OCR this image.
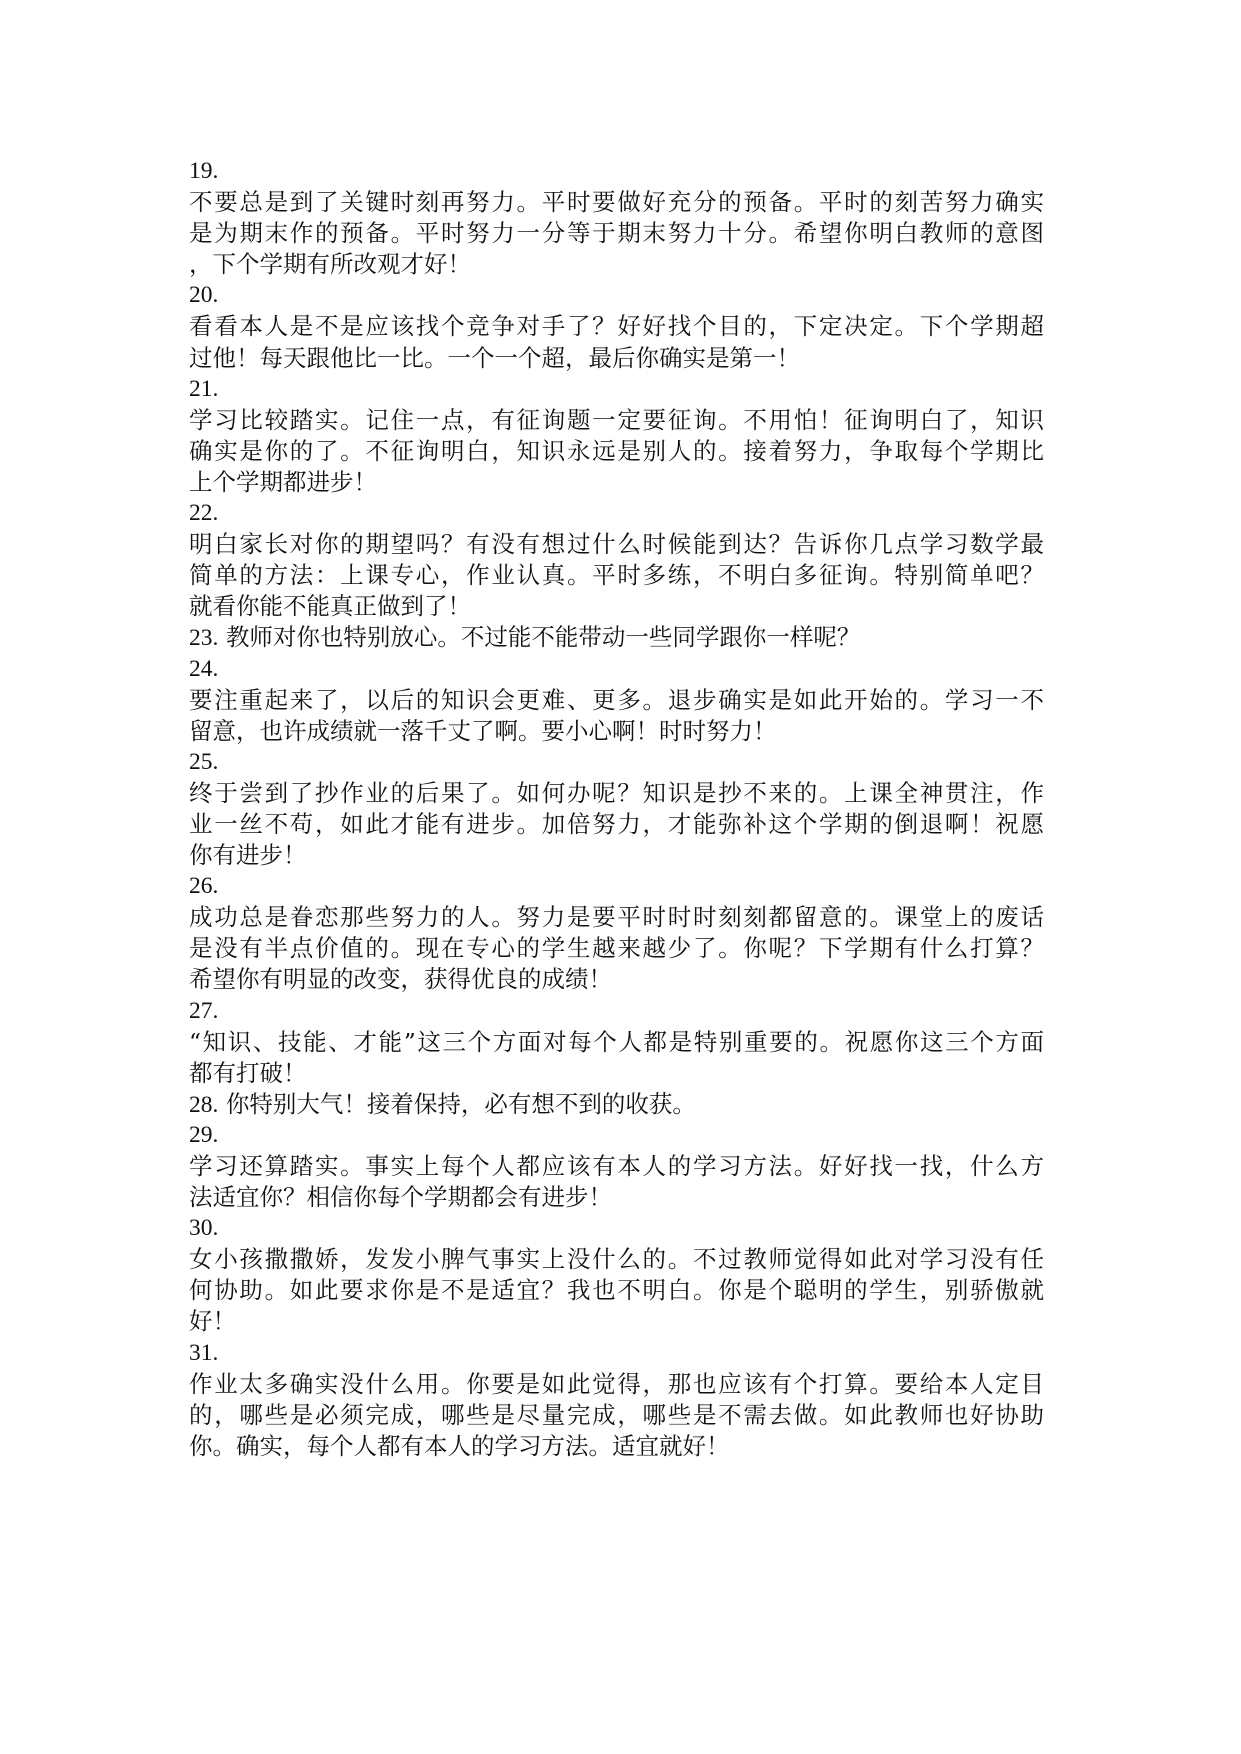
19.
不要总是到了关键时刻再努力。平时要做好充分的预备。平时的刻苦努力确实
是为期末作的预备。平时努力一分等于期末努力十分。希望你明白教师的意图
，下个学期有所改观才好！
20.
看看本人是不是应该找个竞争对手了？好好找个目的，下定决定。下个学期超
过他！每天跟他比一比。一个一个超，最后你确实是第一！
21.
学习比较踏实。记住一点，有征询题一定要征询。不用怕！征询明白了，知识
确实是你的了。不征询明白，知识永远是别人的。接着努力，争取每个学期比
上个学期都进步！
22.
明白家长对你的期望吗？有没有想过什么时候能到达？告诉你几点学习数学最
简单的方法：上课专心，作业认真。平时多练，不明白多征询。特别简单吧？
就看你能不能真正做到了！
23. 教师对你也特别放心。不过能不能带动一些同学跟你一样呢？
24.
要注重起来了，以后的知识会更难、更多。退步确实是如此开始的。学习一不
留意，也许成绩就一落千丈了啊。要小心啊！时时努力！
25.
终于尝到了抄作业的后果了。如何办呢？知识是抄不来的。上课全神贯注，作
业一丝不苟，如此才能有进步。加倍努力，才能弥补这个学期的倒退啊！祝愿
你有进步！
26.
成功总是眷恋那些努力的人。努力是要平时时时刻刻都留意的。课堂上的废话
是没有半点价值的。现在专心的学生越来越少了。你呢？下学期有什么打算？
希望你有明显的改变，获得优良的成绩！
27.
“知识、技能、才能”这三个方面对每个人都是特别重要的。祝愿你这三个方面
都有打破！
28. 你特别大气！接着保持，必有想不到的收获。
29.
学习还算踏实。事实上每个人都应该有本人的学习方法。好好找一找，什么方
法适宜你？相信你每个学期都会有进步！
30.
女小孩撒撒娇，发发小脾气事实上没什么的。不过教师觉得如此对学习没有任
何协助。如此要求你是不是适宜？我也不明白。你是个聪明的学生，别骄傲就
好！
31.
作业太多确实没什么用。你要是如此觉得，那也应该有个打算。要给本人定目
的，哪些是必须完成，哪些是尽量完成，哪些是不需去做。如此教师也好协助
你。确实，每个人都有本人的学习方法。适宜就好！
